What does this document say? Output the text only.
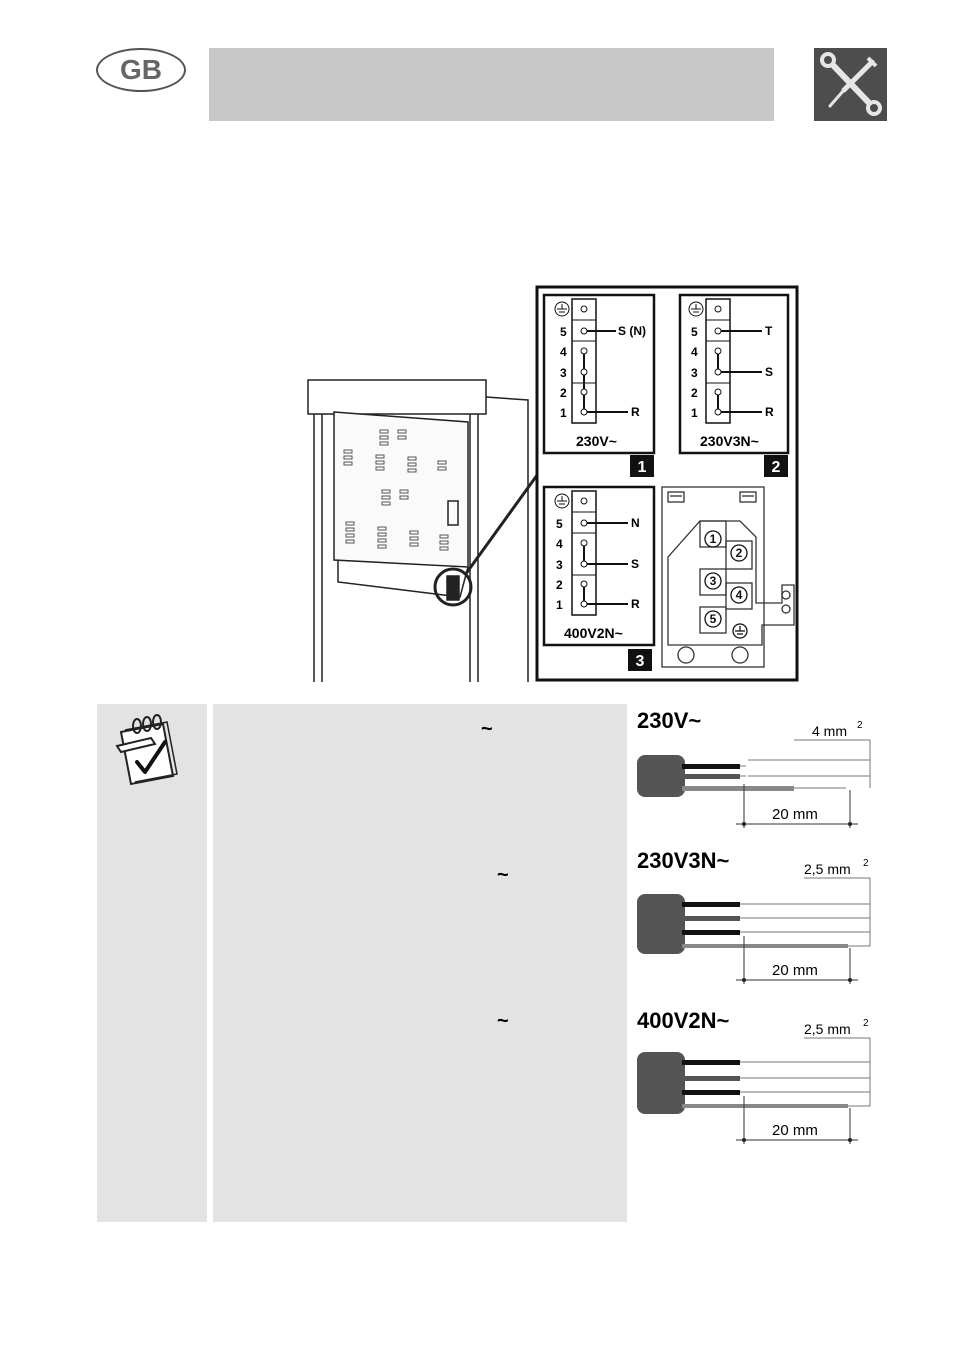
GB
5
4
3
2
1
S (N)
R
230V~
1
5
4
3
2
1
T
S
R
230V3N~
2
5
4
3
2
1
N
S
R
400V2N~
3
1
2
3
4
5
~
~
~
230V~	4 mm 2
20 mm
230V3N~	2,5 mm 2
20 mm
400V2N~	2,5 mm 2
20 mm
